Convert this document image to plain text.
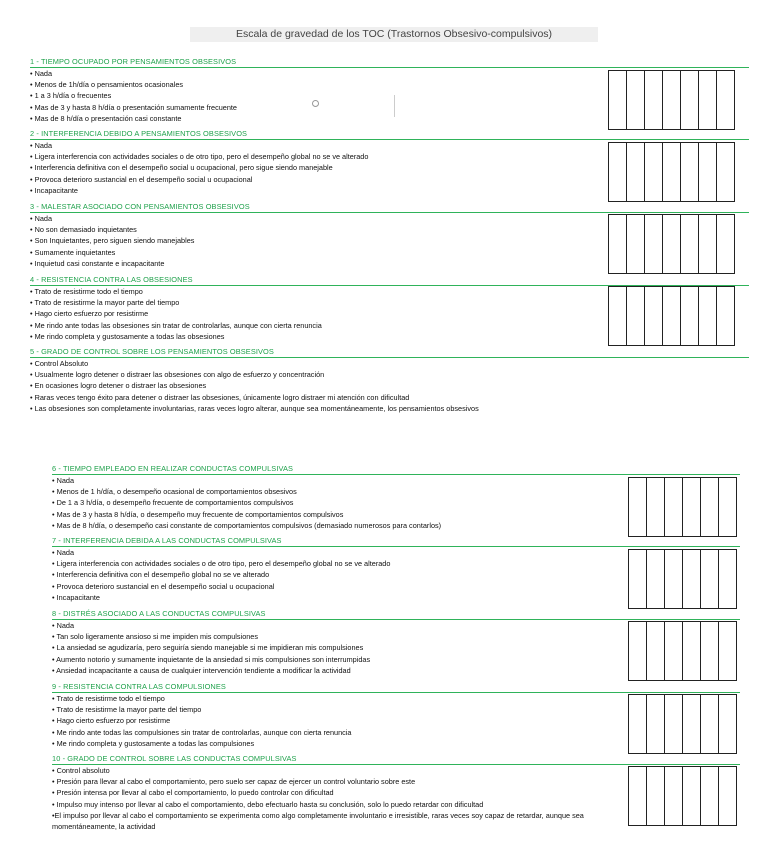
Escala de gravedad de los TOC (Trastornos Obsesivo-compulsivos)
1 - TIEMPO OCUPADO POR PENSAMIENTOS OBSESIVOS
• Nada
• Menos de 1h/día o pensamientos ocasionales
• 1 a 3 h/día o frecuentes
• Mas de 3 y hasta 8 h/día o presentación sumamente frecuente
• Mas de 8 h/día o presentación casi constante
2 - INTERFERENCIA DEBIDO A PENSAMIENTOS OBSESIVOS
• Nada
• Ligera interferencia con actividades sociales o de otro tipo, pero el desempeño global no se ve alterado
• Interferencia definitiva con el desempeño social u ocupacional, pero sigue siendo manejable
• Provoca deterioro sustancial en el desempeño social u ocupacional
• Incapacitante
3 - MALESTAR ASOCIADO CON PENSAMIENTOS OBSESIVOS
• Nada
• No son demasiado inquietantes
• Son Inquietantes, pero siguen siendo manejables
• Sumamente inquietantes
• Inquietud casi constante e incapacitante
4 - RESISTENCIA CONTRA LAS OBSESIONES
• Trato de resistirme todo el tiempo
• Trato de resistirme la mayor parte del tiempo
• Hago cierto esfuerzo por resistirme
• Me rindo ante todas las obsesiones sin tratar de controlarlas, aunque con cierta renuncia
• Me rindo completa y gustosamente a todas las obsesiones
5 - GRADO DE CONTROL SOBRE LOS PENSAMIENTOS OBSESIVOS
• Control Absoluto
• Usualmente logro detener o distraer las obsesiones con algo de esfuerzo y concentración
• En ocasiones logro detener o distraer las obsesiones
• Raras veces tengo éxito para detener o distraer las obsesiones, únicamente logro distraer mi atención con dificultad
• Las obsesiones son completamente involuntarias, raras veces logro alterar, aunque sea momentáneamente, los pensamientos obsesivos
6 - TIEMPO EMPLEADO EN REALIZAR CONDUCTAS COMPULSIVAS
• Nada
• Menos de 1 h/día, o desempeño ocasional de comportamientos obsesivos
• De 1 a 3 h/día, o desempeño frecuente de comportamientos compulsivos
• Mas de 3 y hasta 8 h/día, o desempeño muy frecuente de comportamientos compulsivos
• Mas de 8 h/día, o desempeño casi constante de comportamientos compulsivos (demasiado numerosos para contarlos)
7 - INTERFERENCIA DEBIDA A LAS CONDUCTAS COMPULSIVAS
• Nada
• Ligera interferencia con actividades sociales o de otro tipo, pero el desempeño global no se ve alterado
• Interferencia definitiva con el desempeño global no se ve alterado
• Provoca deterioro sustancial en el desempeño social u ocupacional
• Incapacitante
8 - DISTRÉS ASOCIADO A LAS CONDUCTAS COMPULSIVAS
• Nada
• Tan solo ligeramente ansioso si me impiden mis compulsiones
• La ansiedad se agudizaría, pero seguiría siendo manejable si me impidieran mis compulsiones
• Aumento notorio y sumamente inquietante de la ansiedad si mis compulsiones son interrumpidas
• Ansiedad incapacitante a causa de cualquier intervención tendiente a modificar la actividad
9 - RESISTENCIA CONTRA LAS COMPULSIONES
• Trato de resistirme todo el tiempo
• Trato de resistirme la mayor parte del tiempo
• Hago cierto esfuerzo por resistirme
• Me rindo ante todas las compulsiones sin tratar de controlarlas, aunque con cierta renuncia
• Me rindo completa y gustosamente a todas las compulsiones
10 - GRADO DE CONTROL SOBRE LAS CONDUCTAS COMPULSIVAS
• Control absoluto
• Presión para llevar al cabo el comportamiento, pero suelo ser capaz de ejercer un control voluntario sobre este
• Presión intensa por llevar al cabo el comportamiento, lo puedo controlar con dificultad
• Impulso muy intenso por llevar al cabo el comportamiento, debo efectuarlo hasta su conclusión, solo lo puedo retardar con dificultad
•El impulso por llevar al cabo el comportamiento se experimenta como algo completamente involuntario e irresistible, raras veces soy capaz de retardar, aunque sea momentáneamente, la actividad
